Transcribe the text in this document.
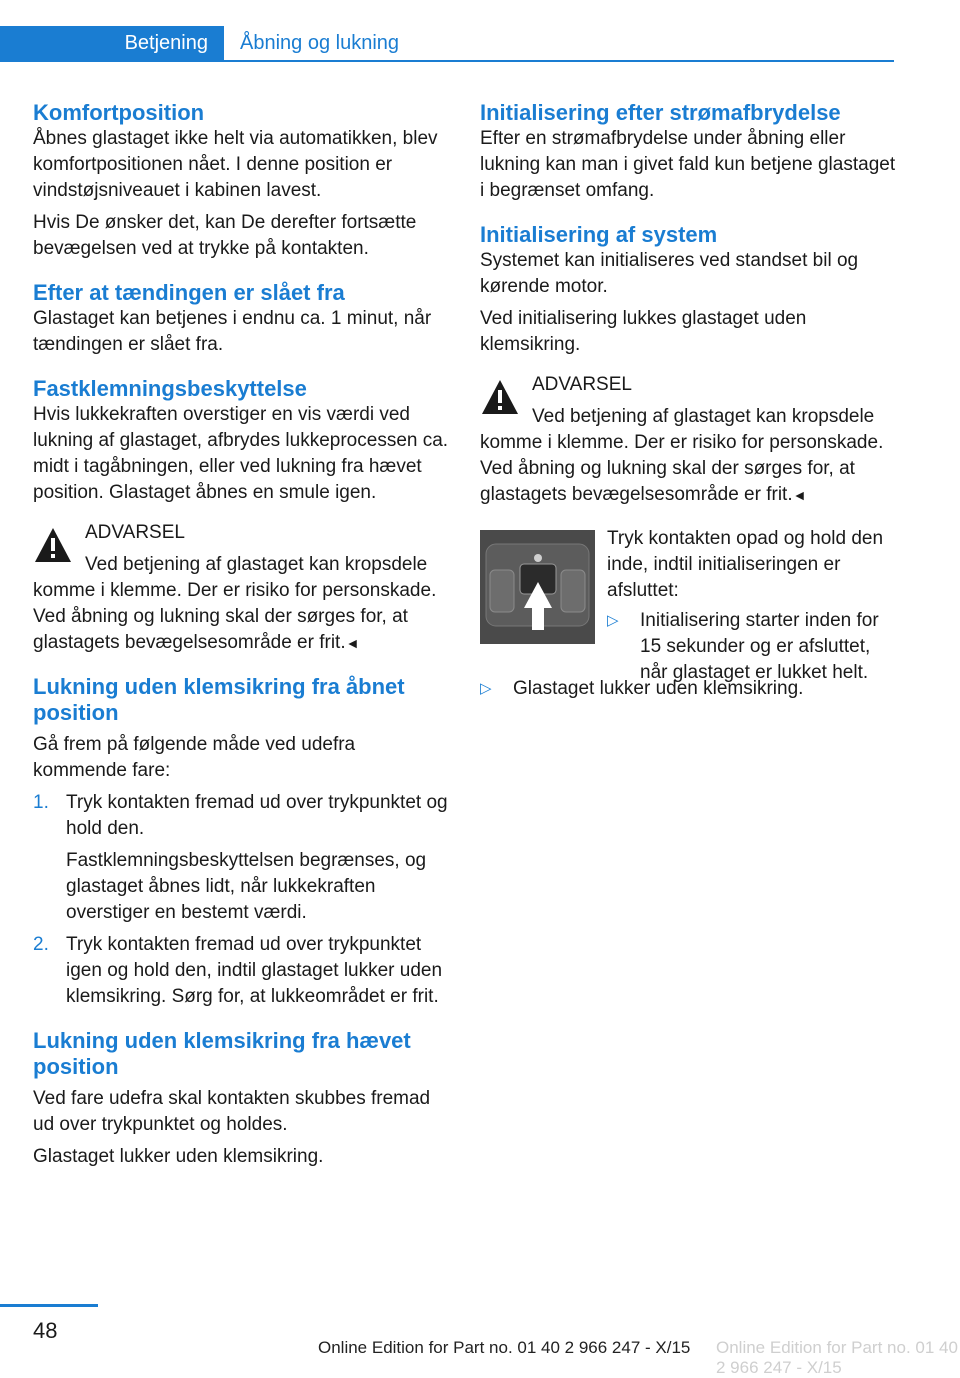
Betjening	Åbning og lukning
Komfortposition

Åbnes glastaget ikke helt via automatikken, blev komfortpositionen nået. I denne position er vindstøjsniveauet i kabinen lavest.

Hvis De ønsker det, kan De derefter fortsætte bevægelsen ved at trykke på kontakten.

Efter at tændingen er slået fra

Glastaget kan betjenes i endnu ca. 1 minut, når tændingen er slået fra.

Fastklemningsbeskyttelse

Hvis lukkekraften overstiger en vis værdi ved lukning af glastaget, afbrydes lukkeprocessen ca. midt i tagåbningen, eller ved lukning fra hævet position. Glastaget åbnes en smule igen.

ADVARSEL

Ved betjening af glastaget kan kropsdele

komme i klemme. Der er risiko for personskade. Ved åbning og lukning skal der sørges for, at glastagets bevægelsesområde er frit.◄

Lukning uden klemsikring fra åbnet position

Gå frem på følgende måde ved udefra kommende fare:

1. Tryk kontakten fremad ud over trykpunktet og hold den.

Fastklemningsbeskyttelsen begrænses, og glastaget åbnes lidt, når lukkekraften overstiger en bestemt værdi.

2. Tryk kontakten fremad ud over trykpunktet igen og hold den, indtil glastaget lukker uden klemsikring. Sørg for, at lukkeområdet er frit.

Lukning uden klemsikring fra hævet position

Ved fare udefra skal kontakten skubbes fremad ud over trykpunktet og holdes.

Glastaget lukker uden klemsikring.

Initialisering efter strømafbrydelse

Efter en strømafbrydelse under åbning eller lukning kan man i givet fald kun betjene glastaget i begrænset omfang.

Initialisering af system

Systemet kan initialiseres ved standset bil og kørende motor.

Ved initialisering lukkes glastaget uden klemsikring.

ADVARSEL

Ved betjening af glastaget kan kropsdele

komme i klemme. Der er risiko for personskade. Ved åbning og lukning skal der sørges for, at glastagets bevægelsesområde er frit.◄

Tryk kontakten opad og hold den inde, indtil initialiseringen er afsluttet:

▷ Initialisering starter inden for 15 sekunder og er afsluttet, når glastaget er lukket helt.
▷ Glastaget lukker uden klemsikring.
48
Online Edition for Part no. 01 40 2 966 247 - X/15 Online Edition for Part no. 01 40 2 966 247 - X/15
